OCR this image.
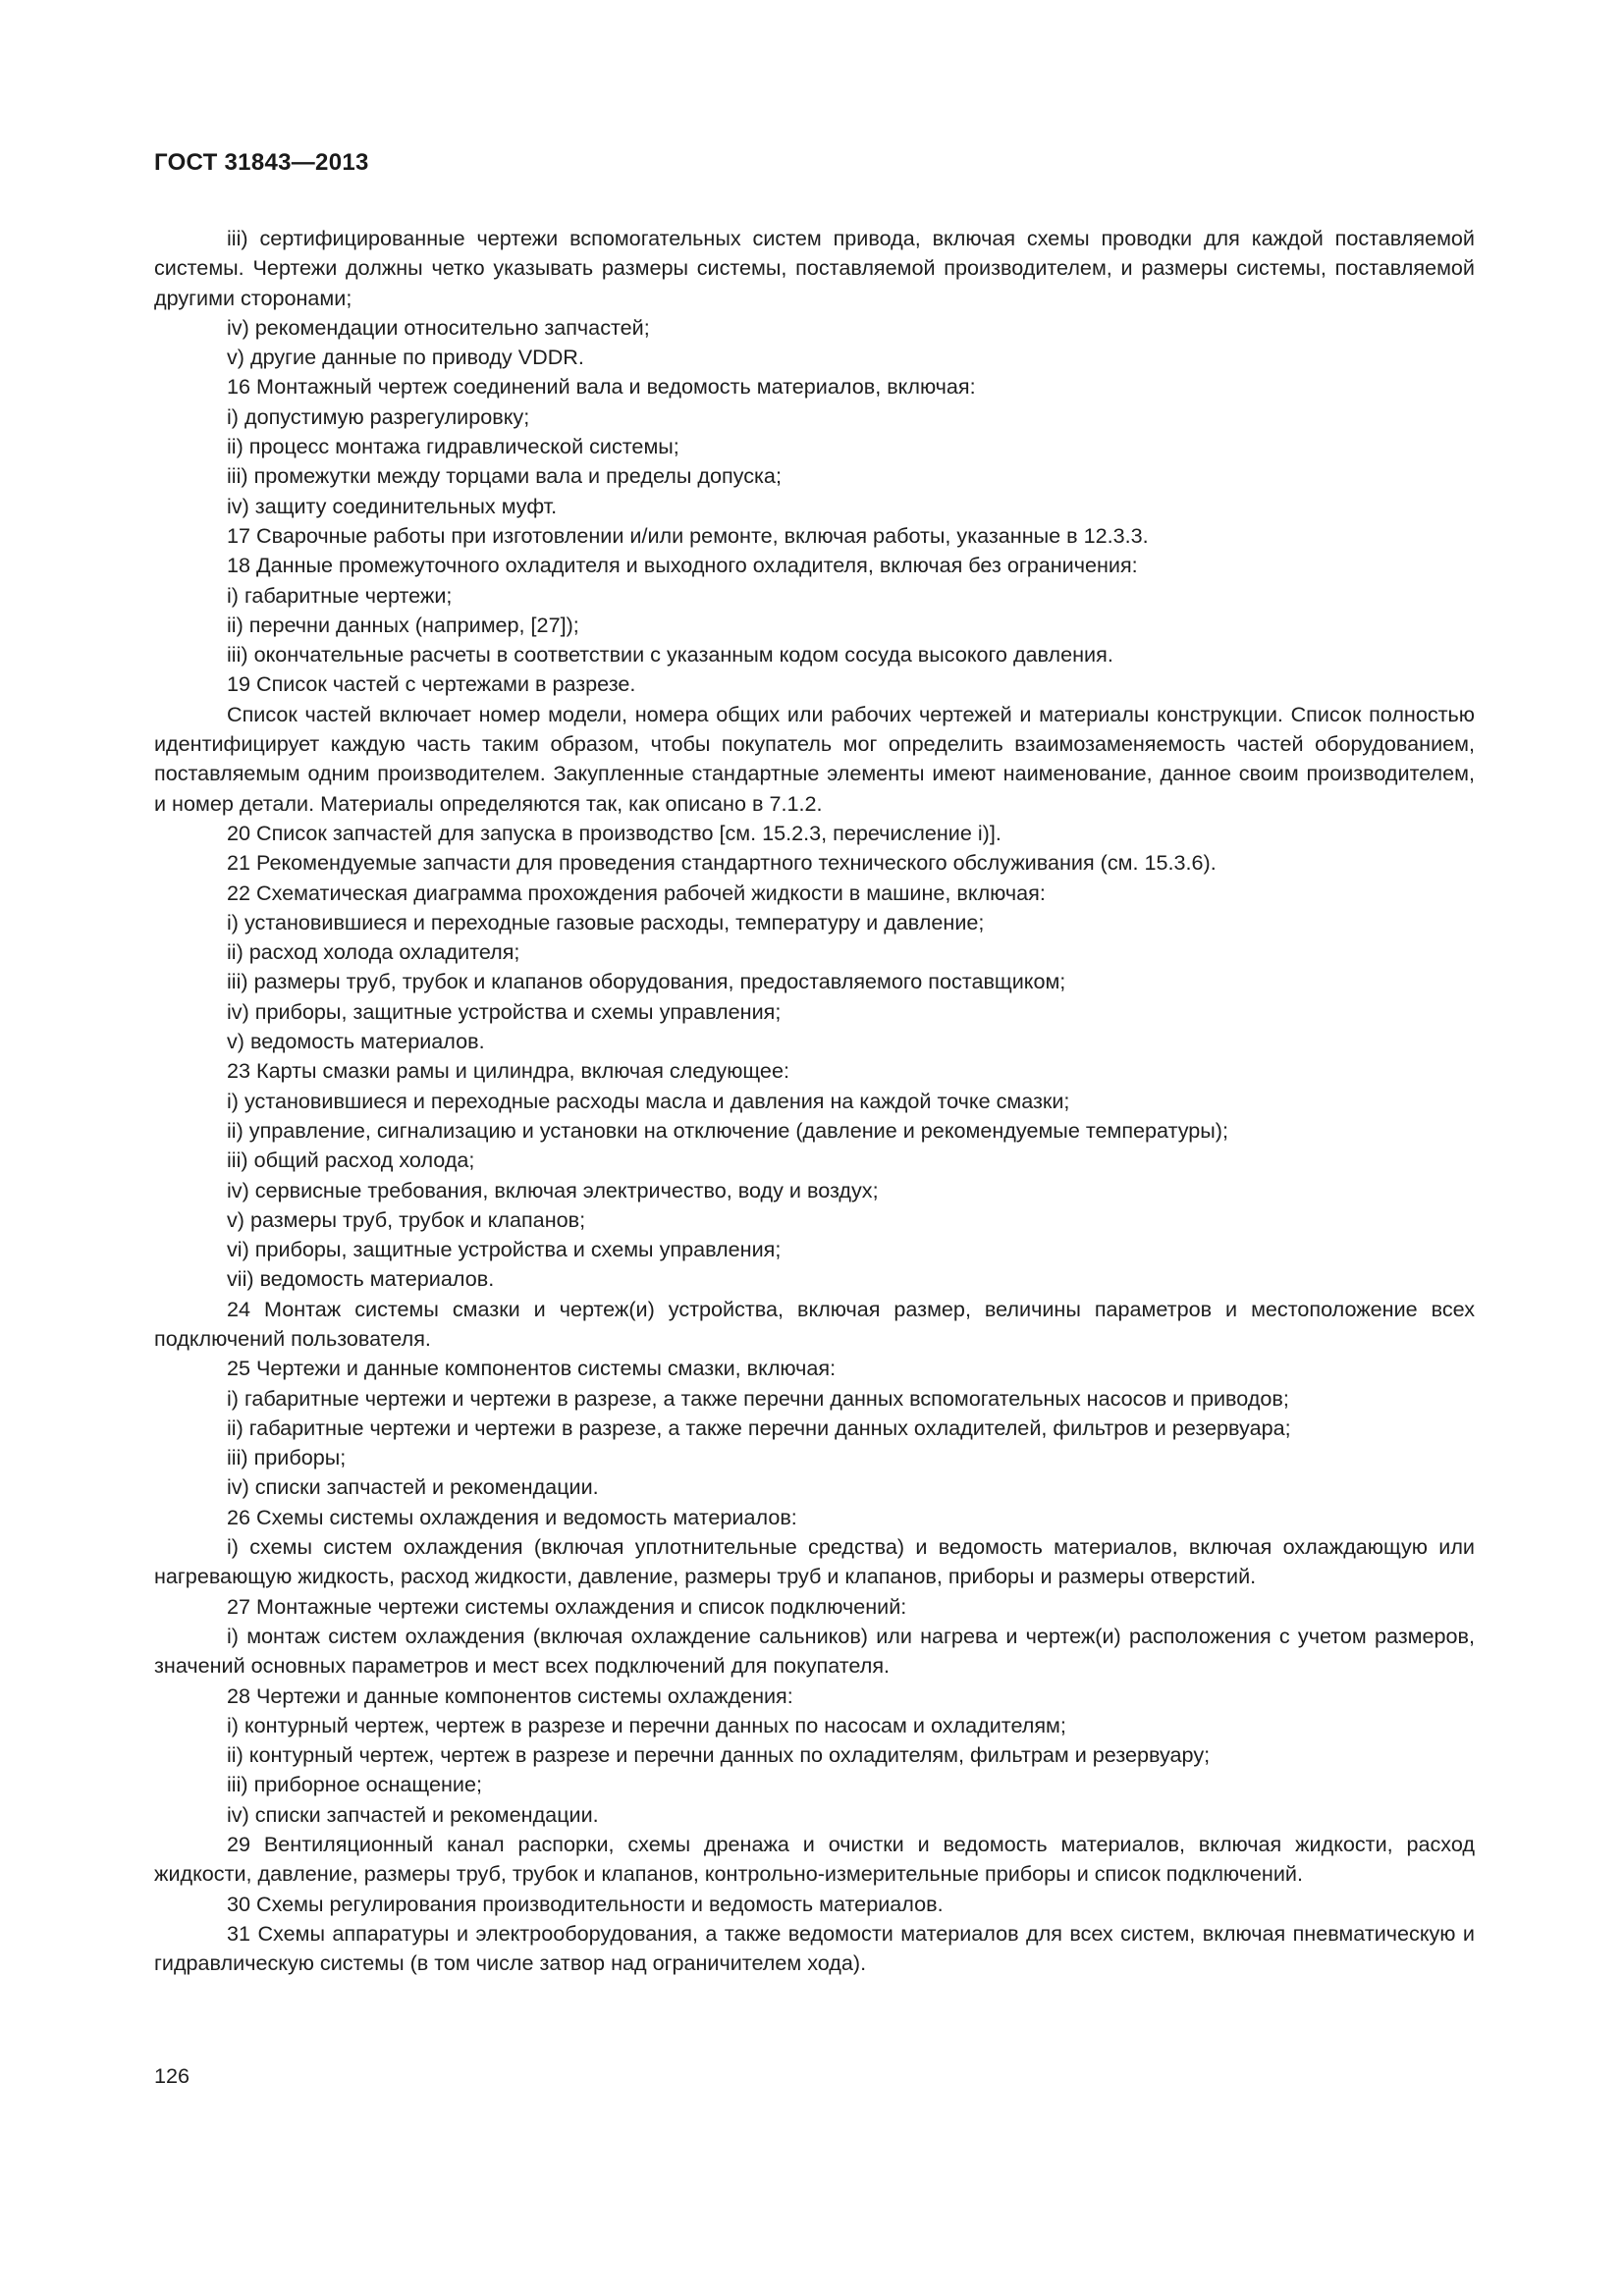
ГОСТ 31843—2013

iii) сертифицированные чертежи вспомогательных систем привода, включая схемы проводки для каждой поставляемой системы. Чертежи должны четко указывать размеры системы, поставляемой производителем, и размеры системы, поставляемой другими сторонами;

iv) рекомендации относительно запчастей;

v) другие данные по приводу VDDR.

16 Монтажный чертеж соединений вала и ведомость материалов, включая:

i) допустимую разрегулировку;

ii) процесс монтажа гидравлической системы;

iii) промежутки между торцами вала и пределы допуска;

iv) защиту соединительных муфт.

17 Сварочные работы при изготовлении и/или ремонте, включая работы, указанные в 12.3.3.

18 Данные промежуточного охладителя и выходного охладителя, включая без ограничения:

i) габаритные чертежи;

ii) перечни данных (например, [27]);

iii) окончательные расчеты в соответствии с указанным кодом сосуда высокого давления.

19 Список частей с чертежами в разрезе.

Список частей включает номер модели, номера общих или рабочих чертежей и материалы конструкции. Список полностью идентифицирует каждую часть таким образом, чтобы покупатель мог определить взаимозаменяемость частей оборудованием, поставляемым одним производителем. Закупленные стандартные элементы имеют наименование, данное своим производителем, и номер детали. Материалы определяются так, как описано в 7.1.2.

20 Список запчастей для запуска в производство [см. 15.2.3, перечисление i)].

21 Рекомендуемые запчасти для проведения стандартного технического обслуживания (см. 15.3.6).

22 Схематическая диаграмма прохождения рабочей жидкости в машине, включая:

i) установившиеся и переходные газовые расходы, температуру и давление;

ii) расход холода охладителя;

iii) размеры труб, трубок и клапанов оборудования, предоставляемого поставщиком;

iv) приборы, защитные устройства и схемы управления;

v) ведомость материалов.

23 Карты смазки рамы и цилиндра, включая следующее:

i) установившиеся и переходные расходы масла и давления на каждой точке смазки;

ii) управление, сигнализацию и установки на отключение (давление и рекомендуемые температуры);

iii) общий расход холода;

iv) сервисные требования, включая электричество, воду и воздух;

v) размеры труб, трубок и клапанов;

vi) приборы, защитные устройства и схемы управления;

vii) ведомость материалов.

24 Монтаж системы смазки и чертеж(и) устройства, включая размер, величины параметров и местоположение всех подключений пользователя.

25 Чертежи и данные компонентов системы смазки, включая:

i) габаритные чертежи и чертежи в разрезе, а также перечни данных вспомогательных насосов и приводов;

ii) габаритные чертежи и чертежи в разрезе, а также перечни данных охладителей, фильтров и резервуара;

iii) приборы;

iv) списки запчастей и рекомендации.

26 Схемы системы охлаждения и ведомость материалов:

i) схемы систем охлаждения (включая уплотнительные средства) и ведомость материалов, включая охлаждающую или нагревающую жидкость, расход жидкости, давление, размеры труб и клапанов, приборы и размеры отверстий.

27 Монтажные чертежи системы охлаждения и список подключений:

i) монтаж систем охлаждения (включая охлаждение сальников) или нагрева и чертеж(и) расположения с учетом размеров, значений основных параметров и мест всех подключений для покупателя.

28 Чертежи и данные компонентов системы охлаждения:

i) контурный чертеж, чертеж в разрезе и перечни данных по насосам и охладителям;

ii) контурный чертеж, чертеж в разрезе и перечни данных по охладителям, фильтрам и резервуару;

iii) приборное оснащение;

iv) списки запчастей и рекомендации.

29 Вентиляционный канал распорки, схемы дренажа и очистки и ведомость материалов, включая жидкости, расход жидкости, давление, размеры труб, трубок и клапанов, контрольно-измерительные приборы и список подключений.

30 Схемы регулирования производительности и ведомость материалов.

31 Схемы аппаратуры и электрооборудования, а также ведомости материалов для всех систем, включая пневматическую и гидравлическую системы (в том числе затвор над ограничителем хода).

126
